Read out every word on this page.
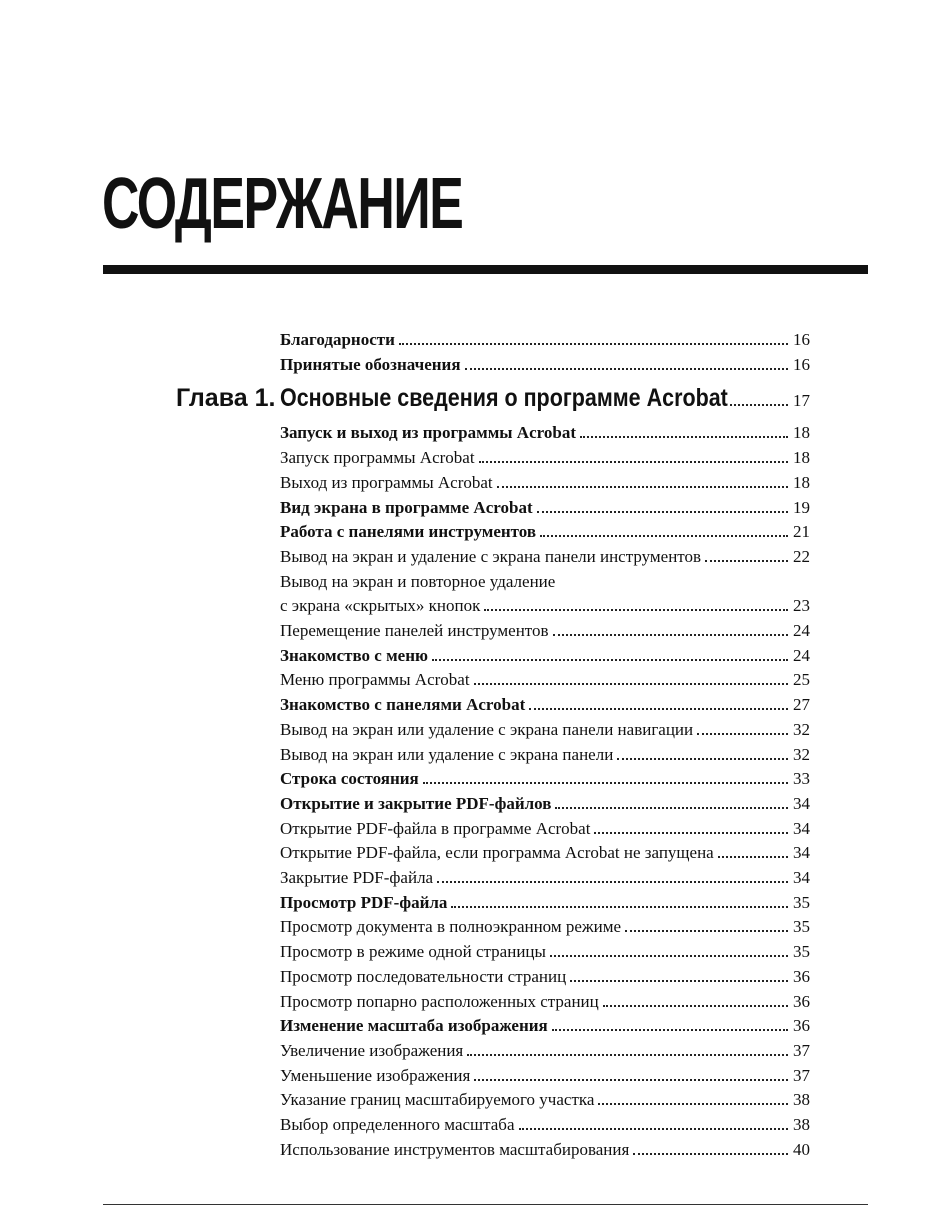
СОДЕРЖАНИЕ
Благодарности	16
Принятые обозначения	16
Глава 1. Основные сведения о программе Acrobat	17
Запуск и выход из программы Acrobat	18
Запуск программы Acrobat	18
Выход из программы Acrobat	18
Вид экрана в программе Acrobat	19
Работа с панелями инструментов	21
Вывод на экран и удаление с экрана панели инструментов	22
Вывод на экран и повторное удаление
с экрана «скрытых» кнопок	23
Перемещение панелей инструментов	24
Знакомство с меню	24
Меню программы Acrobat	25
Знакомство с панелями Acrobat	27
Вывод на экран или удаление с экрана панели навигации	32
Вывод на экран или удаление с экрана панели	32
Строка состояния	33
Открытие и закрытие PDF-файлов	34
Открытие PDF-файла в программе Acrobat	34
Открытие PDF-файла, если программа Acrobat не запущена	34
Закрытие PDF-файла	34
Просмотр PDF-файла	35
Просмотр документа в полноэкранном режиме	35
Просмотр в режиме одной страницы	35
Просмотр последовательности страниц	36
Просмотр попарно расположенных страниц	36
Изменение масштаба изображения	36
Увеличение изображения	37
Уменьшение изображения	37
Указание границ масштабируемого участка	38
Выбор определенного масштаба	38
Использование инструментов масштабирования	40
